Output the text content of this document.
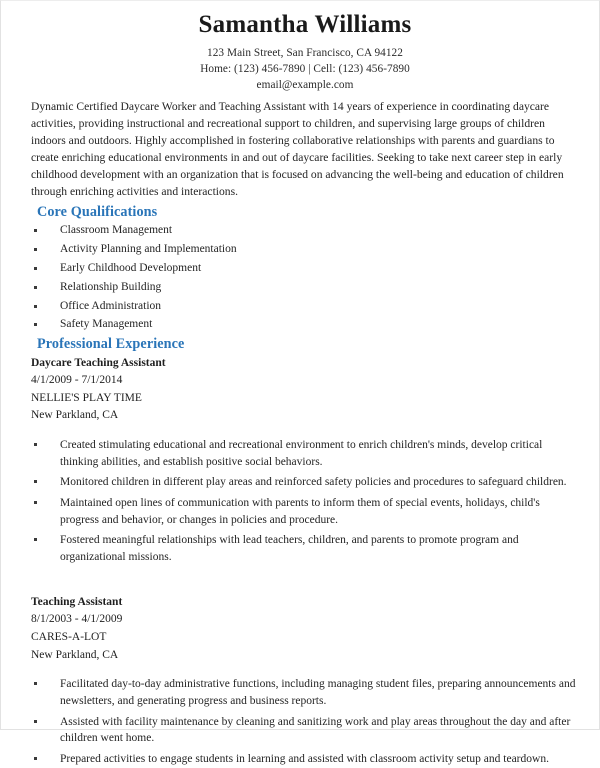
Samantha Williams
123 Main Street, San Francisco, CA 94122
Home: (123) 456-7890 | Cell: (123) 456-7890
email@example.com
Dynamic Certified Daycare Worker and Teaching Assistant with 14 years of experience in coordinating daycare activities, providing instructional and recreational support to children, and supervising large groups of children indoors and outdoors. Highly accomplished in fostering collaborative relationships with parents and guardians to create enriching educational environments in and out of daycare facilities. Seeking to take next career step in early childhood development with an organization that is focused on advancing the well-being and education of children through enriching activities and interactions.
Core Qualifications
Classroom Management
Activity Planning and Implementation
Early Childhood Development
Relationship Building
Office Administration
Safety Management
Professional Experience
Daycare Teaching Assistant
4/1/2009 - 7/1/2014
NELLIE'S PLAY TIME
New Parkland, CA
Created stimulating educational and recreational environment to enrich children's minds, develop critical thinking abilities, and establish positive social behaviors.
Monitored children in different play areas and reinforced safety policies and procedures to safeguard children.
Maintained open lines of communication with parents to inform them of special events, holidays, child's progress and behavior, or changes in policies and procedure.
Fostered meaningful relationships with lead teachers, children, and parents to promote program and organizational missions.
Teaching Assistant
8/1/2003 - 4/1/2009
CARES-A-LOT
New Parkland, CA
Facilitated day-to-day administrative functions, including managing student files, preparing announcements and newsletters, and generating progress and business reports.
Assisted with facility maintenance by cleaning and sanitizing work and play areas throughout the day and after children went home.
Prepared activities to engage students in learning and assisted with classroom activity setup and teardown.
